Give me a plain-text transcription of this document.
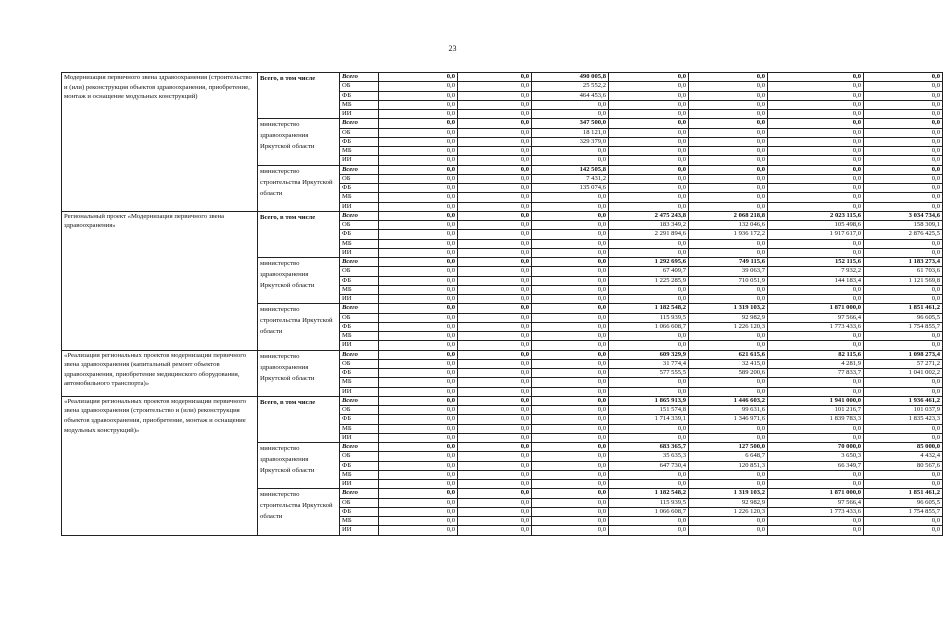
23
Модернизация первичного звена здравоохранения (строительство и (или) реконструкция объектов здравоохранения, приобретение, монтаж и оснащение модульных конструкций)	Всего, в том числе	Всего	0,0	0,0	490 005,8	0,0	0,0	0,0	0,0
		ОБ	0,0	0,0	25 552,2	0,0	0,0	0,0	0,0
		ФБ	0,0	0,0	464 453,6	0,0	0,0	0,0	0,0
		МБ	0,0	0,0	0,0	0,0	0,0	0,0	0,0
		ИИ	0,0	0,0	0,0	0,0	0,0	0,0	0,0
	министерство здравоохранения Иркутской области	Всего	0,0	0,0	347 500,0	0,0	0,0	0,0	0,0
		ОБ	0,0	0,0	18 121,0	0,0	0,0	0,0	0,0
		ФБ	0,0	0,0	329 379,0	0,0	0,0	0,0	0,0
		МБ	0,0	0,0	0,0	0,0	0,0	0,0	0,0
		ИИ	0,0	0,0	0,0	0,0	0,0	0,0	0,0
	министерство строительства Иркутской области	Всего	0,0	0,0	142 505,8	0,0	0,0	0,0	0,0
		ОБ	0,0	0,0	7 431,2	0,0	0,0	0,0	0,0
		ФБ	0,0	0,0	135 074,6	0,0	0,0	0,0	0,0
		МБ	0,0	0,0	0,0	0,0	0,0	0,0	0,0
		ИИ	0,0	0,0	0,0	0,0	0,0	0,0	0,0
Региональный проект «Модернизация первичного звена здравоохранения»	Всего, в том числе	Всего	0,0	0,0	0,0	2 475 243,8	2 068 218,8	2 023 115,6	3 034 734,6
		ОБ	0,0	0,0	0,0	183 349,2	132 046,6	105 498,6	158 309,1
		ФБ	0,0	0,0	0,0	2 291 894,6	1 936 172,2	1 917 617,0	2 876 425,5
		МБ	0,0	0,0	0,0	0,0	0,0	0,0	0,0
		ИИ	0,0	0,0	0,0	0,0	0,0	0,0	0,0
	министерство здравоохранения Иркутской области	Всего	0,0	0,0	0,0	1 292 695,6	749 115,6	152 115,6	1 183 273,4
		ОБ	0,0	0,0	0,0	67 409,7	39 063,7	7 932,2	61 703,6
		ФБ	0,0	0,0	0,0	1 225 285,9	710 051,9	144 183,4	1 121 569,8
		МБ	0,0	0,0	0,0	0,0	0,0	0,0	0,0
		ИИ	0,0	0,0	0,0	0,0	0,0	0,0	0,0
	министерство строительства Иркутской области	Всего	0,0	0,0	0,0	1 182 548,2	1 319 103,2	1 871 000,0	1 851 461,2
		ОБ	0,0	0,0	0,0	115 939,5	92 982,9	97 566,4	96 605,5
		ФБ	0,0	0,0	0,0	1 066 608,7	1 226 120,3	1 773 433,6	1 754 855,7
		МБ	0,0	0,0	0,0	0,0	0,0	0,0	0,0
		ИИ	0,0	0,0	0,0	0,0	0,0	0,0	0,0
«Реализация региональных проектов модернизации первичного звена здравоохранения (капитальный ремонт объектов здравоохранения, приобретение медицинского оборудования, автомобильного транспорта)»	министерство здравоохранения Иркутской области	Всего	0,0	0,0	0,0	609 329,9	621 615,6	82 115,6	1 098 273,4
		ОБ	0,0	0,0	0,0	31 774,4	32 415,0	4 281,9	57 271,2
		ФБ	0,0	0,0	0,0	577 555,5	589 200,6	77 833,7	1 041 002,2
		МБ	0,0	0,0	0,0	0,0	0,0	0,0	0,0
		ИИ	0,0	0,0	0,0	0,0	0,0	0,0	0,0
«Реализация региональных проектов модернизации первичного звена здравоохранения (строительство и (или) реконструкция объектов здравоохранения, приобретение, монтаж и оснащение модульных конструкций)»	Всего, в том числе	Всего	0,0	0,0	0,0	1 865 913,9	1 446 603,2	1 941 000,0	1 936 461,2
		ОБ	0,0	0,0	0,0	151 574,8	99 631,6	101 216,7	101 037,9
		ФБ	0,0	0,0	0,0	1 714 339,1	1 346 971,6	1 839 783,3	1 835 423,3
		МБ	0,0	0,0	0,0	0,0	0,0	0,0	0,0
		ИИ	0,0	0,0	0,0	0,0	0,0	0,0	0,0
	министерство здравоохранения Иркутской области	Всего	0,0	0,0	0,0	683 365,7	127 500,0	70 000,0	85 000,0
		ОБ	0,0	0,0	0,0	35 635,3	6 648,7	3 650,3	4 432,4
		ФБ	0,0	0,0	0,0	647 730,4	120 851,3	66 349,7	80 567,6
		МБ	0,0	0,0	0,0	0,0	0,0	0,0	0,0
		ИИ	0,0	0,0	0,0	0,0	0,0	0,0	0,0
	министерство строительства Иркутской области	Всего	0,0	0,0	0,0	1 182 548,2	1 319 103,2	1 871 000,0	1 851 461,2
		ОБ	0,0	0,0	0,0	115 939,5	92 982,9	97 566,4	96 605,5
		ФБ	0,0	0,0	0,0	1 066 608,7	1 226 120,3	1 773 433,6	1 754 855,7
		МБ	0,0	0,0	0,0	0,0	0,0	0,0	0,0
		ИИ	0,0	0,0	0,0	0,0	0,0	0,0	0,0
